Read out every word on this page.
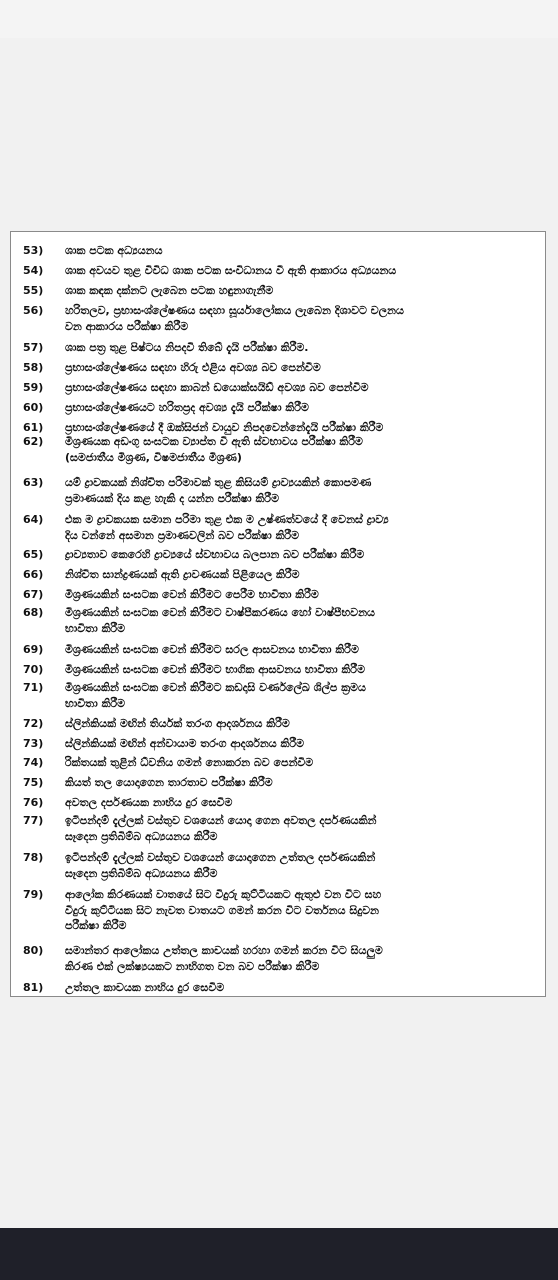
53)	ශාක පටක අධ්‍යයනය
54)	ශාක අවයව තුළ විවිධ ශාක පටක සංවිධානය වී ඇති ආකාරය අධ්‍යයනය
55)	ශාක කඳක දක්නට ලැබෙන පටක හඳුනාගැනීම
56)	හරිතලව, ප්‍රභාසංශ්ලේෂණය සඳහා සූර්යාලෝකය ලැබෙන දිශාවට චලනය
වන ආකාරය පරීක්ෂා කිරීම
57)	ශාක පත්‍ර තුළ පිෂ්ටය නිපදවී තිබේ දැයි පරීක්ෂා කිරීම.
58)	ප්‍රභාසංශ්ලේෂණය සඳහා හිරු එළිය අවශ්‍ය බව පෙන්වීම
59)	ප්‍රභාසංශ්ලේෂණය සඳහා කාබන් ඩයොක්සයිඩ් අවශ්‍ය බව පෙන්වීම
60)	ප්‍රභාසංශ්ලේෂණයට හරිතප්‍රද අවශ්‍ය දැයි පරීක්ෂා කිරීම
61)	ප්‍රභාසංශ්ලේෂණයේ දී ඔක්සිජන් වායුව නිපදවෙන්නේදැයි පරීක්ෂා කිරීම
62)	මිශ්‍රණයක අඩංගු සංඝටක ව්‍යාප්ත වී ඇති ස්වභාවය පරීක්ෂා කිරීම
(සමජාතීය මිශ්‍රණ, විෂමජාතීය මිශ්‍රණ)
63)	යම් ද්‍රාවකයක් නිශ්චිත පරිමාවක් තුළ කිසියම් ද්‍රාව්‍යයකින් කොපමණ
ප්‍රමාණයක් දිය කළ හැකි ද යන්න පරීක්ෂා කිරීම
64)	එක ම ද්‍රාවකයක සමාන පරිමා තුළ එක ම උෂ්ණත්වයේ දී වෙනස් ද්‍රාව්‍ය
දිය වන්නේ අසමාන ප්‍රමාණවලින් බව පරීක්ෂා කිරීම
65)	ද්‍රාව්‍යතාව කෙරෙහි ද්‍රාව්‍යයේ ස්වභාවය බලපාන බව පරීක්ෂා කිරීම
66)	නිශ්චිත සාන්ද්‍රණයක් ඇති ද්‍රාවණයක් පිළියෙල කිරීම
67)	මිශ්‍රණයකින් සංඝටක වෙන් කිරීමට පෙරීම භාවිතා කිරීම
68)	මිශ්‍රණයකින් සංඝටක වෙන් කිරීමට වාෂ්පීකරණය හෝ වාෂ්පීභවනය
භාවිතා කිරීම
69)	මිශ්‍රණයකින් සංඝටක වෙන් කිරීමට සරල ආසවනය භාවිතා කිරීම
70)	මිශ්‍රණයකින් සංඝටක වෙන් කිරීමට භාගික ආසවනය භාවිතා කිරීම
71)	මිශ්‍රණයකින් සංඝටක වෙන් කිරීමට කඩදාසි වර්ණලේඛ ශිල්ප ක්‍රමය
භාවිතා කිරීම
72)	ස්ලින්කියක් මඟින් තිර්යක් තරංග ආදර්ශනය කිරීම
73)	ස්ලින්කියක් මඟින් අන්වායාම තරංග ආදර්ශනය කිරීම
74)	රික්තයක් තුළින් ධ්වනිය ගමන් නොකරන බව පෙන්වීම
75)	කියත් තල යොදාගෙන තාරතාව පරීක්ෂා කිරීම
76)	අවතල දර්පණයක නාභිය දුර සෙවීම
77)	ඉටිපන්දම් දැල්ලක් වස්තුව වශයෙන් යොදා ගෙන අවතල දර්පණයකින්
සෑදෙන ප්‍රතිබිම්බ අධ්‍යයනය කිරීම
78)	ඉටිපන්දම් දැල්ලක් වස්තුව වශයෙන් යොදාගෙන උත්තල දර්පණයකින්
සෑදෙන ප්‍රතිබිම්බ අධ්‍යයනය කිරීම
79)	ආලෝක කිරණයක් වාතයේ සිට වීදුරු කුට්ටියකට ඇතුළු වන විට සහ
වීදුරු කුට්ටියක සිට නැවත වාතයට ගමන් කරන විට වර්තනය සිදුවන
පරීක්ෂා කිරීම
80)	සමාන්තර ආලෝකය උත්තල කාචයක් හරහා ගමන් කරන විට සියලුම
කිරණ එක් ලක්ෂ්‍යයකට නාභිගත වන බව පරීක්ෂා කිරීම
81)	උත්තල කාචයක නාභිය දුර සෙවීම
